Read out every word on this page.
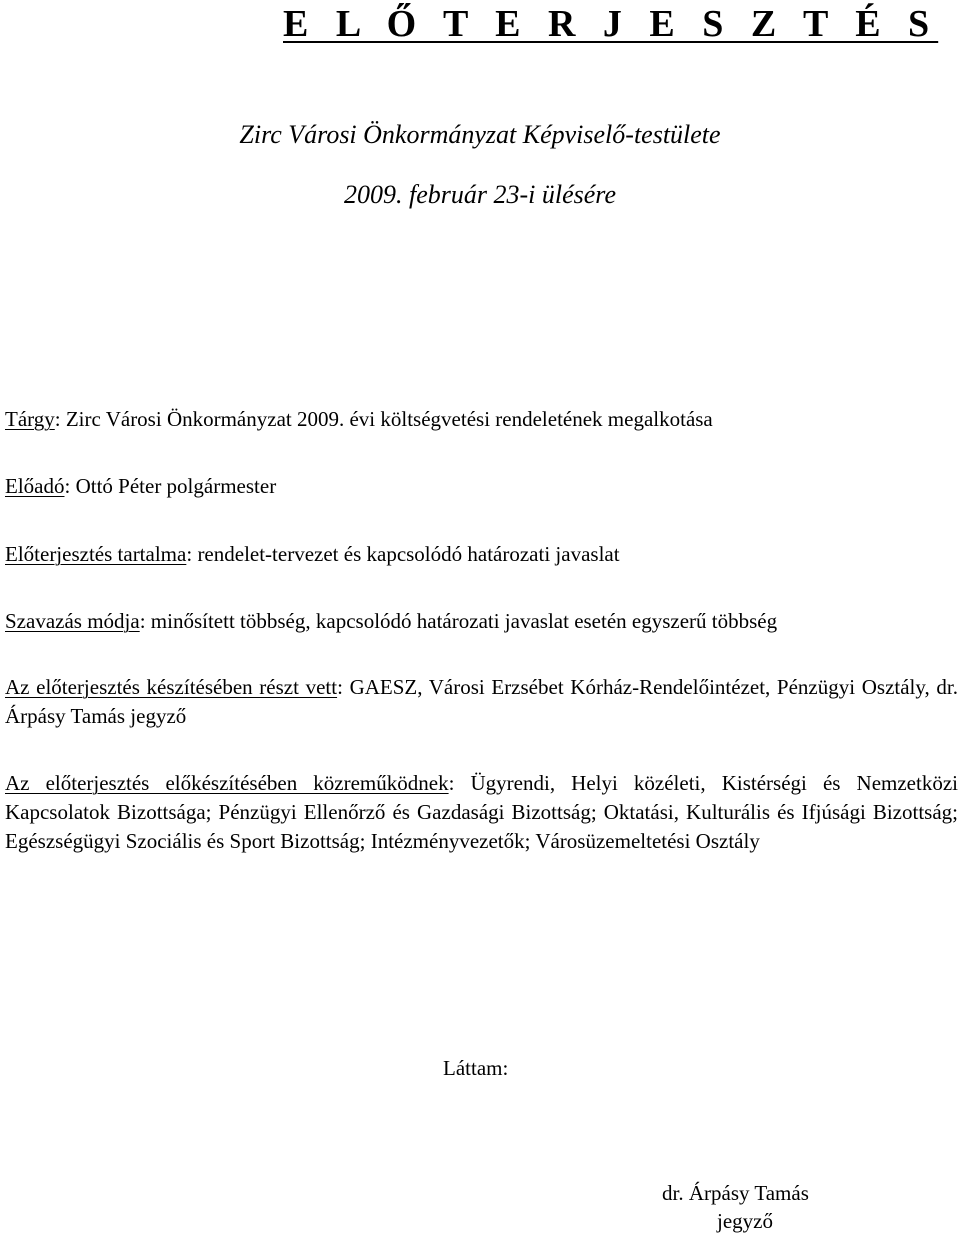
E L Ő T E R J E S Z T É S
Zirc Városi Önkormányzat Képviselő-testülete
2009. február 23-i ülésére
Tárgy: Zirc Városi Önkormányzat 2009. évi költségvetési rendeletének megalkotása
Előadó: Ottó Péter polgármester
Előterjesztés tartalma: rendelet-tervezet és kapcsolódó határozati javaslat
Szavazás módja: minősített többség, kapcsolódó határozati javaslat esetén egyszerű többség
Az előterjesztés készítésében részt vett: GAESZ, Városi Erzsébet Kórház-Rendelőintézet, Pénzügyi Osztály, dr. Árpásy Tamás jegyző
Az előterjesztés előkészítésében közreműködnek: Ügyrendi, Helyi közéleti, Kistérségi és Nemzetközi Kapcsolatok Bizottsága; Pénzügyi Ellenőrző és Gazdasági Bizottság; Oktatási, Kulturális és Ifjúsági Bizottság; Egészségügyi Szociális és Sport Bizottság; Intézményvezetők; Városüzemeltetési Osztály
Láttam:
dr. Árpásy Tamás
jegyző
